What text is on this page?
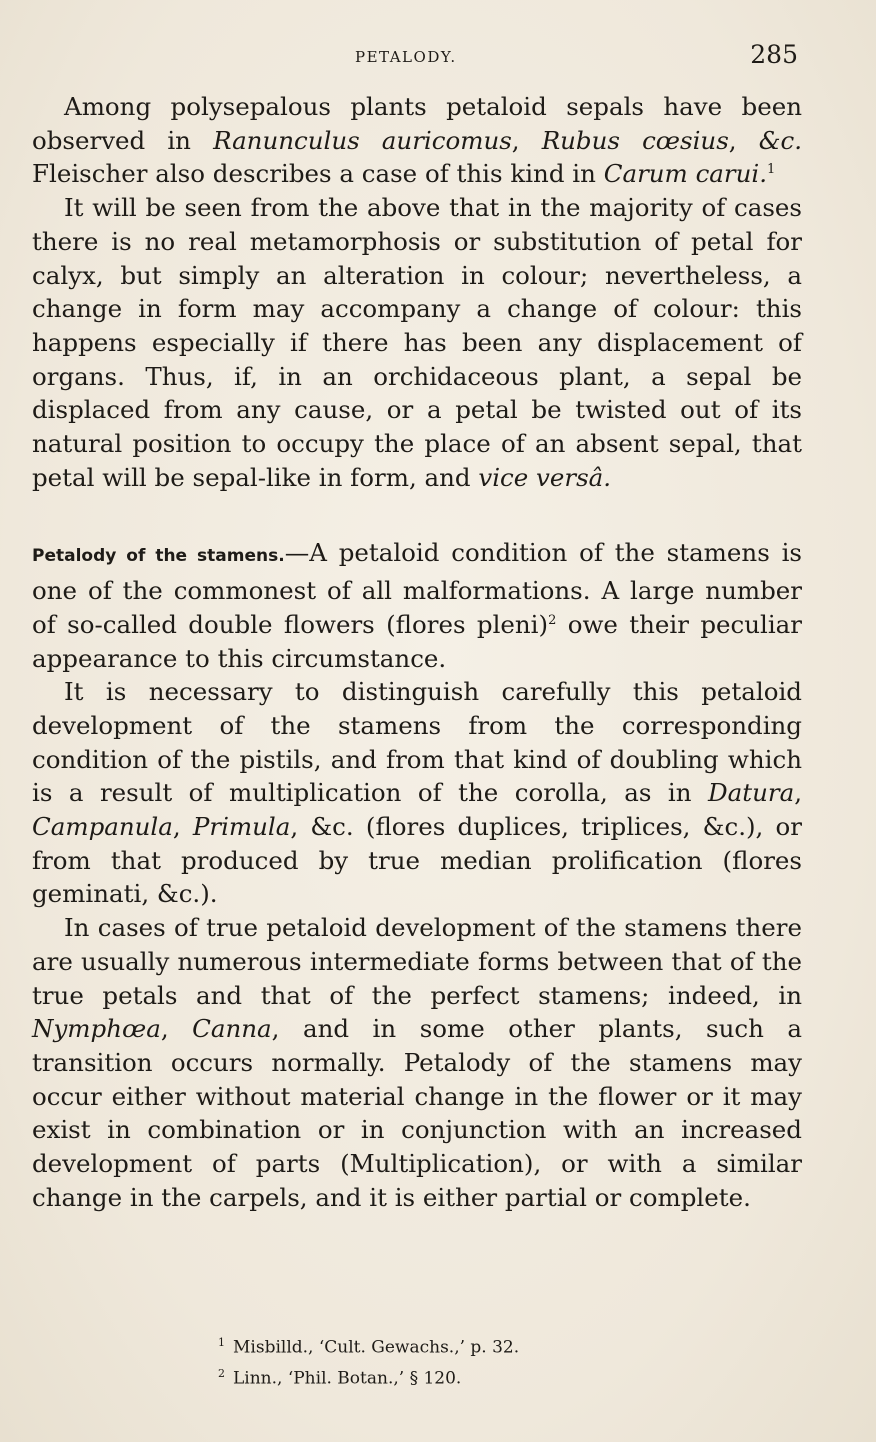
PETALODY.	285

Among polysepalous plants petaloid sepals have been observed in Ranunculus auricomus, Rubus cœsius, &c. Fleischer also describes a case of this kind in Carum carui.$^1$

It will be seen from the above that in the majority of cases there is no real metamorphosis or substitution of petal for calyx, but simply an alteration in colour; nevertheless, a change in form may accompany a change of colour: this happens especially if there has been any displacement of organs. Thus, if, in an orchidaceous plant, a sepal be displaced from any cause, or a petal be twisted out of its natural position to occupy the place of an absent sepal, that petal will be sepal-like in form, and vice versâ.

Petalody of the stamens.—A petaloid condition of the stamens is one of the commonest of all malformations. A large number of so-called double flowers (flores pleni)$^2$ owe their peculiar appearance to this circumstance.

It is necessary to distinguish carefully this petaloid development of the stamens from the corresponding condition of the pistils, and from that kind of doubling which is a result of multiplication of the corolla, as in Datura, Campanula, Primula, &c. (flores duplices, triplices, &c.), or from that produced by true median prolification (flores geminati, &c.).

In cases of true petaloid development of the stamens there are usually numerous intermediate forms between that of the true petals and that of the perfect stamens; indeed, in Nymphœa, Canna, and in some other plants, such a transition occurs normally. Petalody of the stamens may occur either without material change in the flower or it may exist in combination or in conjunction with an increased development of parts (Multiplication), or with a similar change in the carpels, and it is either partial or complete.

$^1$ Misbilld., ‘Cult. Gewachs.,’ p. 32.
$^2$ Linn., ‘Phil. Botan.,’ § 120.
